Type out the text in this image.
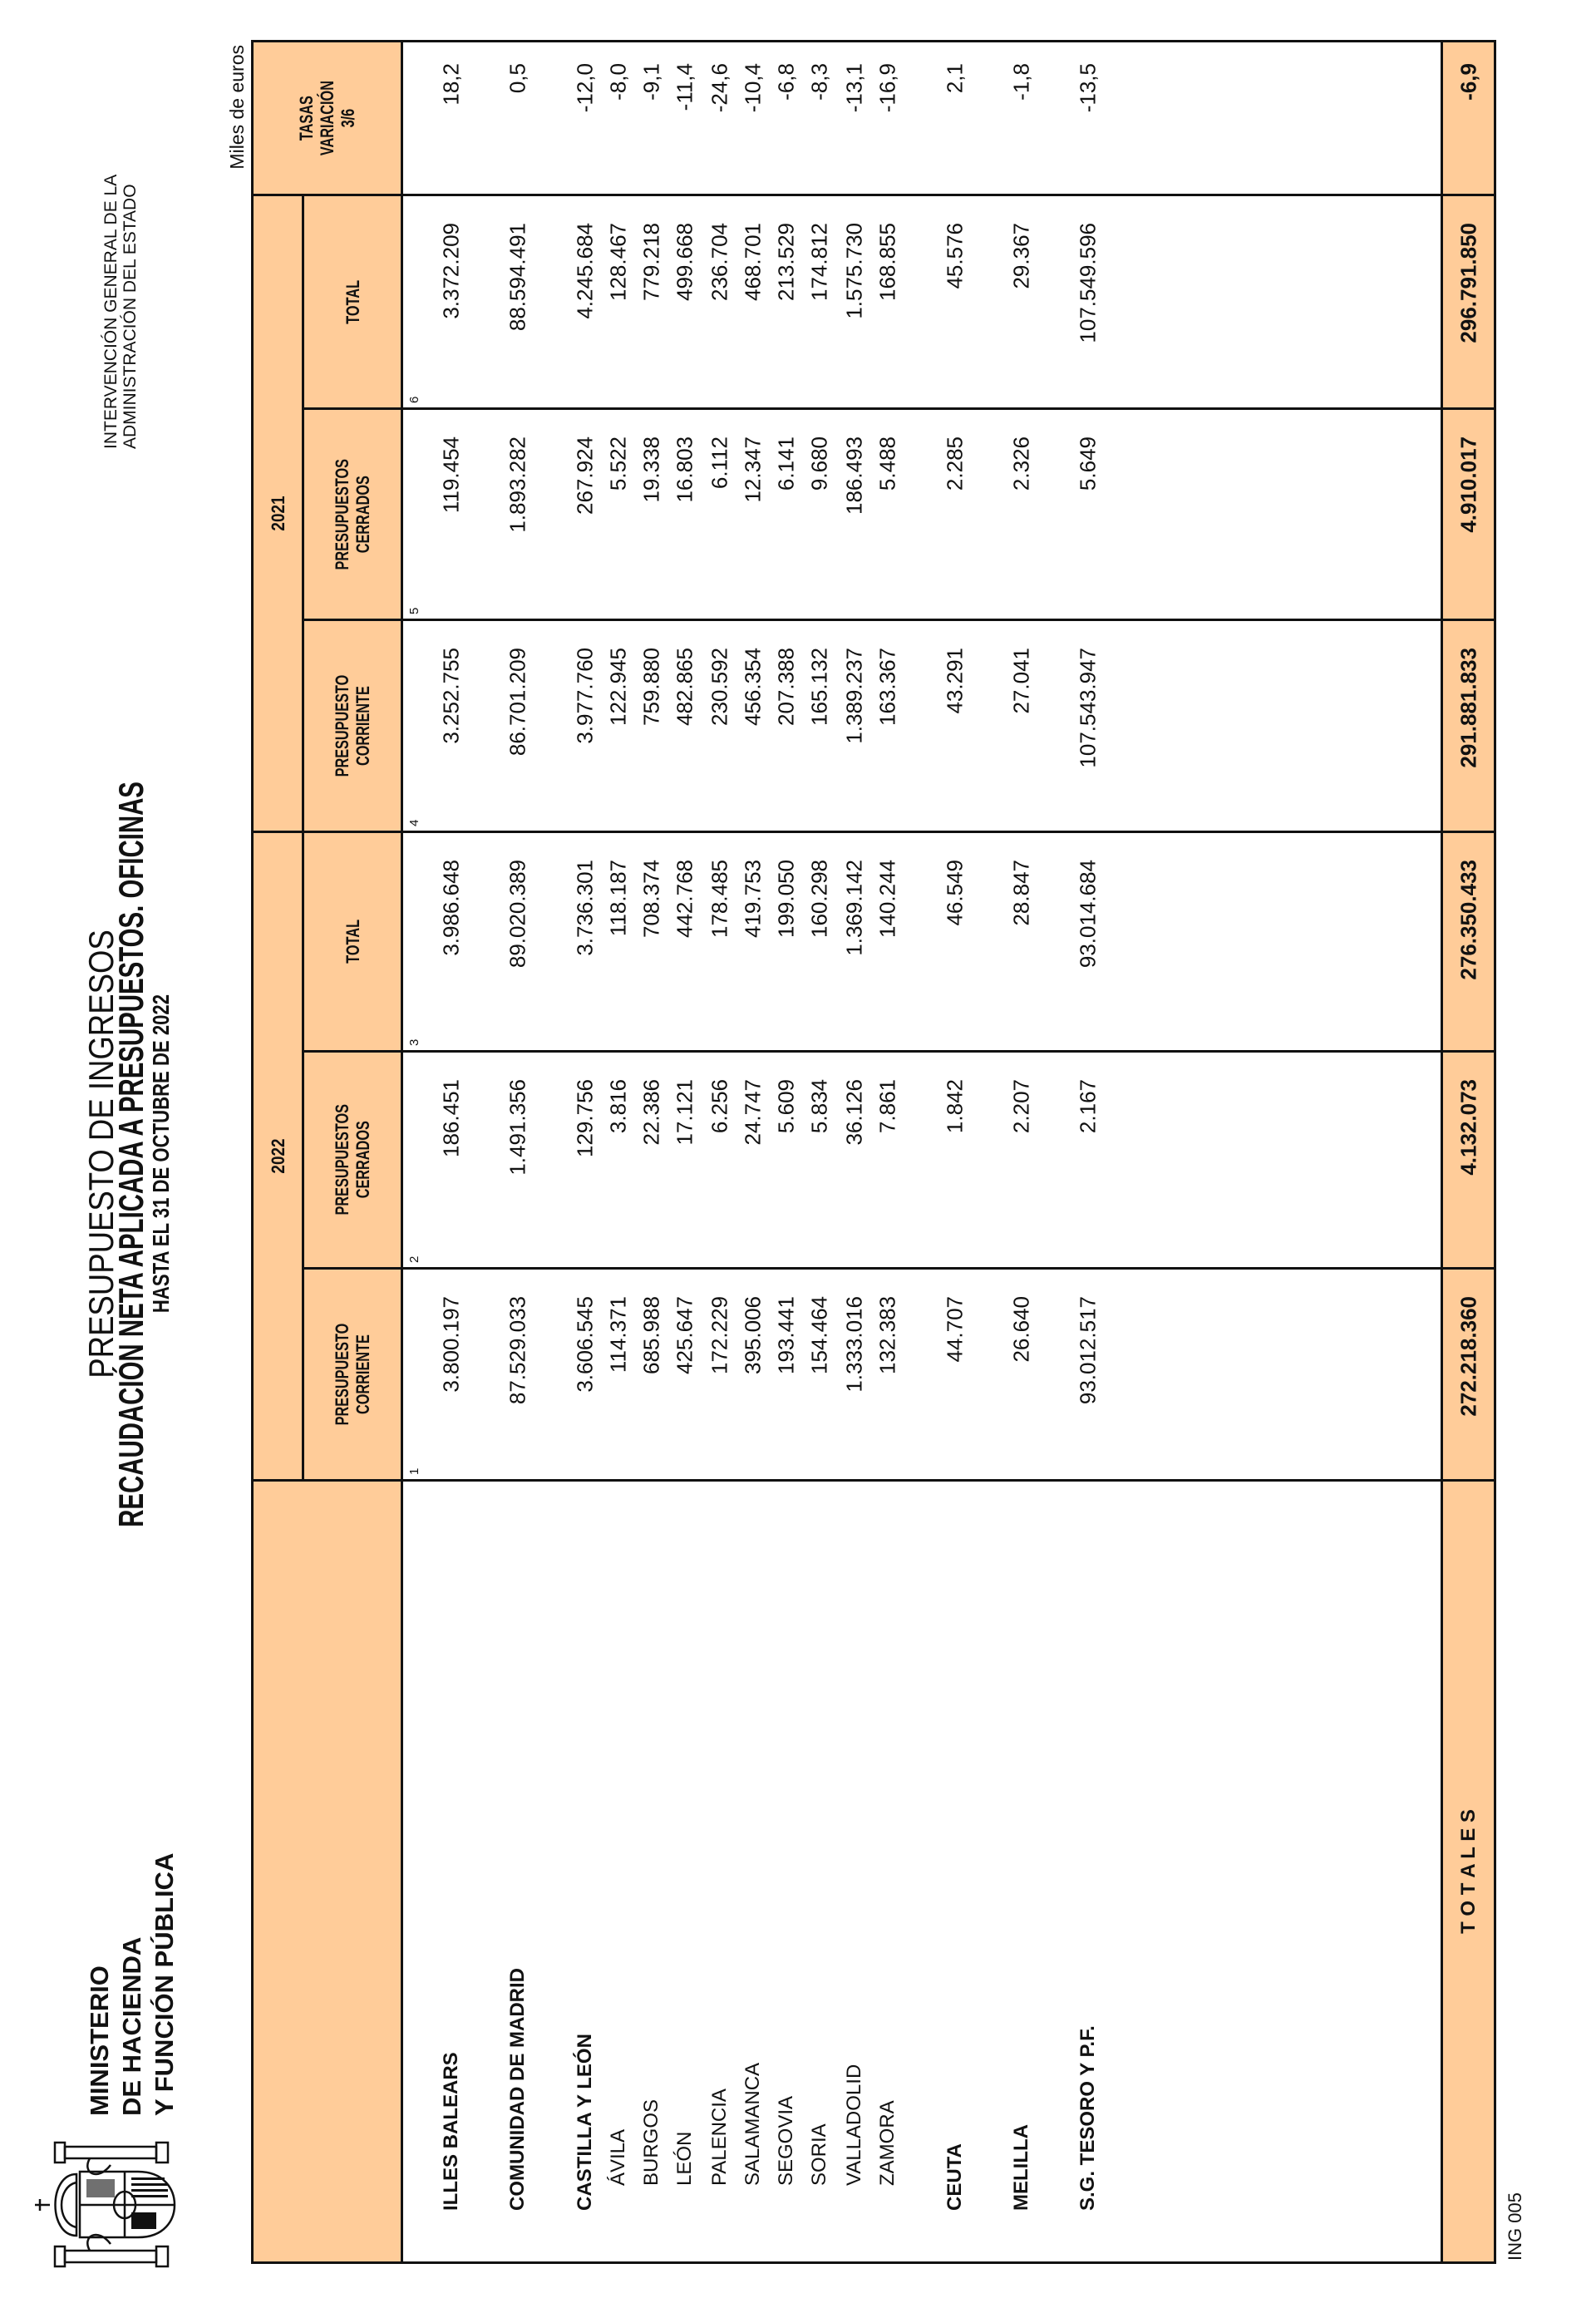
MINISTERIO DE HACIENDA Y FUNCIÓN PÚBLICA
PRESUPUESTO DE INGRESOS
RECAUDACIÓN NETA APLICADA A PRESUPUESTOS. OFICINAS
HASTA EL 31 DE OCTUBRE DE 2022
INTERVENCIÓN GENERAL DE LA ADMINISTRACIÓN DEL ESTADO
Miles de euros
2022
2021
TASAS VARIACIÓN 3/6
PRESUPUESTO CORRIENTE
PRESUPUESTOS CERRADOS
TOTAL
PRESUPUESTO CORRIENTE
PRESUPUESTOS CERRADOS
TOTAL
1
2
3
4
5
6
ILLES BALEARS
3.800.197
186.451
3.986.648
3.252.755
119.454
3.372.209
18,2
COMUNIDAD DE MADRID
87.529.033
1.491.356
89.020.389
86.701.209
1.893.282
88.594.491
0,5
CASTILLA Y LEÓN
3.606.545
129.756
3.736.301
3.977.760
267.924
4.245.684
-12,0
ÁVILA
114.371
3.816
118.187
122.945
5.522
128.467
-8,0
BURGOS
685.988
22.386
708.374
759.880
19.338
779.218
-9,1
LEÓN
425.647
17.121
442.768
482.865
16.803
499.668
-11,4
PALENCIA
172.229
6.256
178.485
230.592
6.112
236.704
-24,6
SALAMANCA
395.006
24.747
419.753
456.354
12.347
468.701
-10,4
SEGOVIA
193.441
5.609
199.050
207.388
6.141
213.529
-6,8
SORIA
154.464
5.834
160.298
165.132
9.680
174.812
-8,3
VALLADOLID
1.333.016
36.126
1.369.142
1.389.237
186.493
1.575.730
-13,1
ZAMORA
132.383
7.861
140.244
163.367
5.488
168.855
-16,9
CEUTA
44.707
1.842
46.549
43.291
2.285
45.576
2,1
MELILLA
26.640
2.207
28.847
27.041
2.326
29.367
-1,8
S.G. TESORO Y P.F.
93.012.517
2.167
93.014.684
107.543.947
5.649
107.549.596
-13,5
T O T A L E S
272.218.360
4.132.073
276.350.433
291.881.833
4.910.017
296.791.850
-6,9
ING 005
